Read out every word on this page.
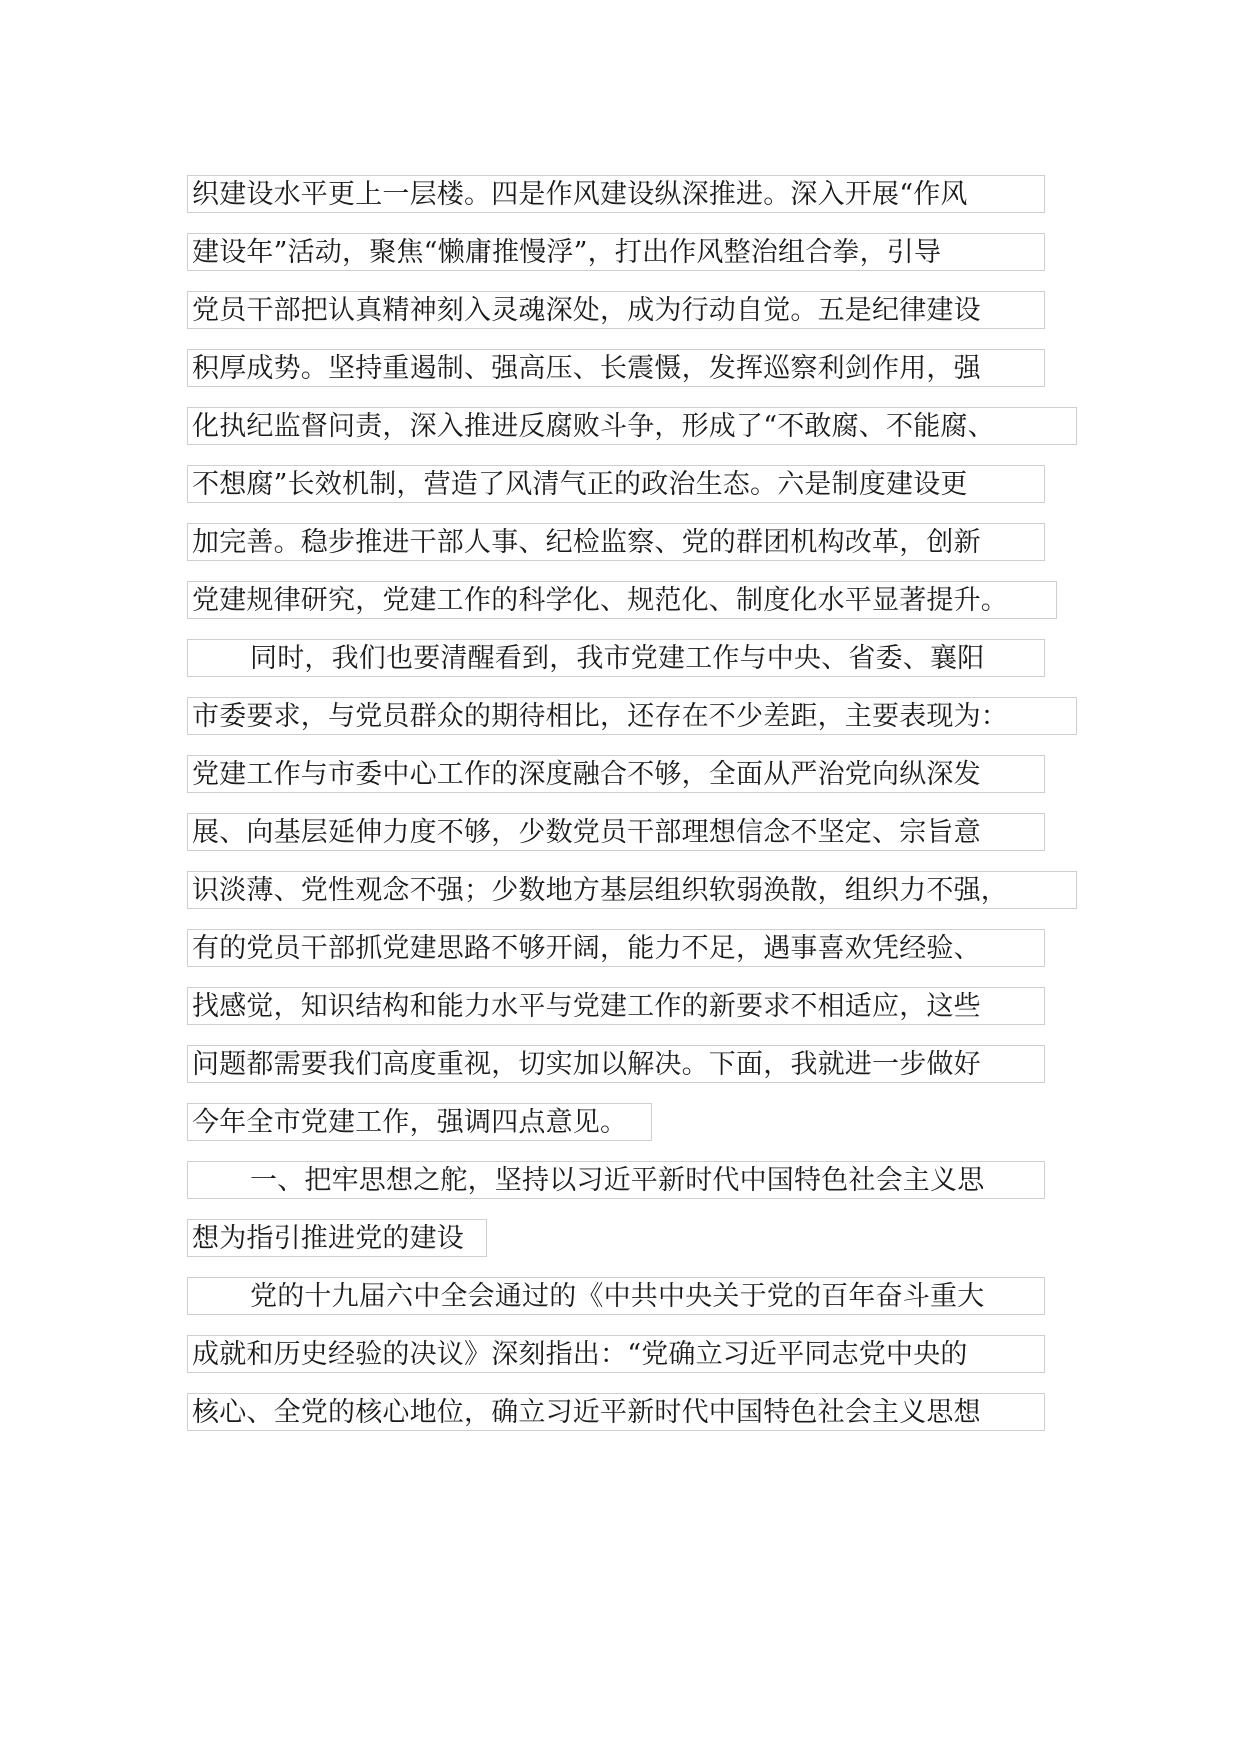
织建设水平更上一层楼。四是作风建设纵深推进。深入开展“作风
建设年”活动，聚焦“懒庸推慢浮”，打出作风整治组合拳，引导
党员干部把认真精神刻入灵魂深处，成为行动自觉。五是纪律建设
积厚成势。坚持重遏制、强高压、长震慑，发挥巡察利剑作用，强
化执纪监督问责，深入推进反腐败斗争，形成了“不敢腐、不能腐、
不想腐”长效机制，营造了风清气正的政治生态。六是制度建设更
加完善。稳步推进干部人事、纪检监察、党的群团机构改革，创新
党建规律研究，党建工作的科学化、规范化、制度化水平显著提升。
同时，我们也要清醒看到，我市党建工作与中央、省委、襄阳
市委要求，与党员群众的期待相比，还存在不少差距，主要表现为：
党建工作与市委中心工作的深度融合不够，全面从严治党向纵深发
展、向基层延伸力度不够，少数党员干部理想信念不坚定、宗旨意
识淡薄、党性观念不强；少数地方基层组织软弱涣散，组织力不强，
有的党员干部抓党建思路不够开阔，能力不足，遇事喜欢凭经验、
找感觉，知识结构和能力水平与党建工作的新要求不相适应，这些
问题都需要我们高度重视，切实加以解决。下面，我就进一步做好
今年全市党建工作，强调四点意见。
一、把牢思想之舵，坚持以习近平新时代中国特色社会主义思
想为指引推进党的建设
党的十九届六中全会通过的《中共中央关于党的百年奋斗重大
成就和历史经验的决议》深刻指出：“党确立习近平同志党中央的
核心、全党的核心地位，确立习近平新时代中国特色社会主义思想
